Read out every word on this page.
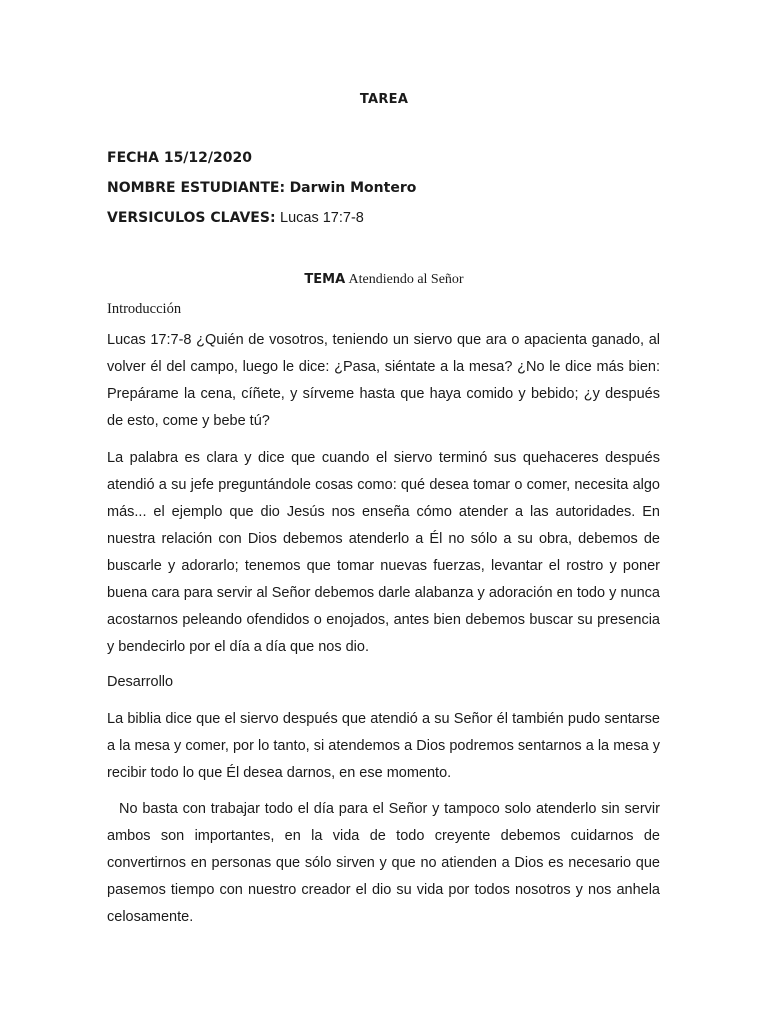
TAREA
FECHA 15/12/2020
NOMBRE ESTUDIANTE: Darwin Montero
VERSICULOS CLAVES: Lucas 17:7-8
TEMA Atendiendo al Señor
Introducción

Lucas 17:7-8 ¿Quién de vosotros, teniendo un siervo que ara o apacienta ganado, al volver él del campo, luego le dice: ¿Pasa, siéntate a la mesa? ¿No le dice más bien: Prepárame la cena, cíñete, y sírveme hasta que haya comido y bebido; ¿y después de esto, come y bebe tú?

La palabra es clara y dice que cuando el siervo terminó sus quehaceres después atendió a su jefe preguntándole cosas como: qué desea tomar o comer, necesita algo más... el ejemplo que dio Jesús nos enseña cómo atender a las autoridades. En nuestra relación con Dios debemos atenderlo a Él no sólo a su obra, debemos de buscarle y adorarlo; tenemos que tomar nuevas fuerzas, levantar el rostro y poner buena cara para servir al Señor debemos darle alabanza y adoración en todo y nunca acostarnos peleando ofendidos o enojados, antes bien debemos buscar su presencia y bendecirlo por el día a día que nos dio.

Desarrollo

La biblia dice que el siervo después que atendió a su Señor él también pudo sentarse a la mesa y comer, por lo tanto, si atendemos a Dios podremos sentarnos a la mesa y recibir todo lo que Él desea darnos, en ese momento.

No basta con trabajar todo el día para el Señor y tampoco solo atenderlo sin servir ambos son importantes, en la vida de todo creyente debemos cuidarnos de convertirnos en personas que sólo sirven y que no atienden a Dios es necesario que pasemos tiempo con nuestro creador el dio su vida por todos nosotros y nos anhela celosamente.
